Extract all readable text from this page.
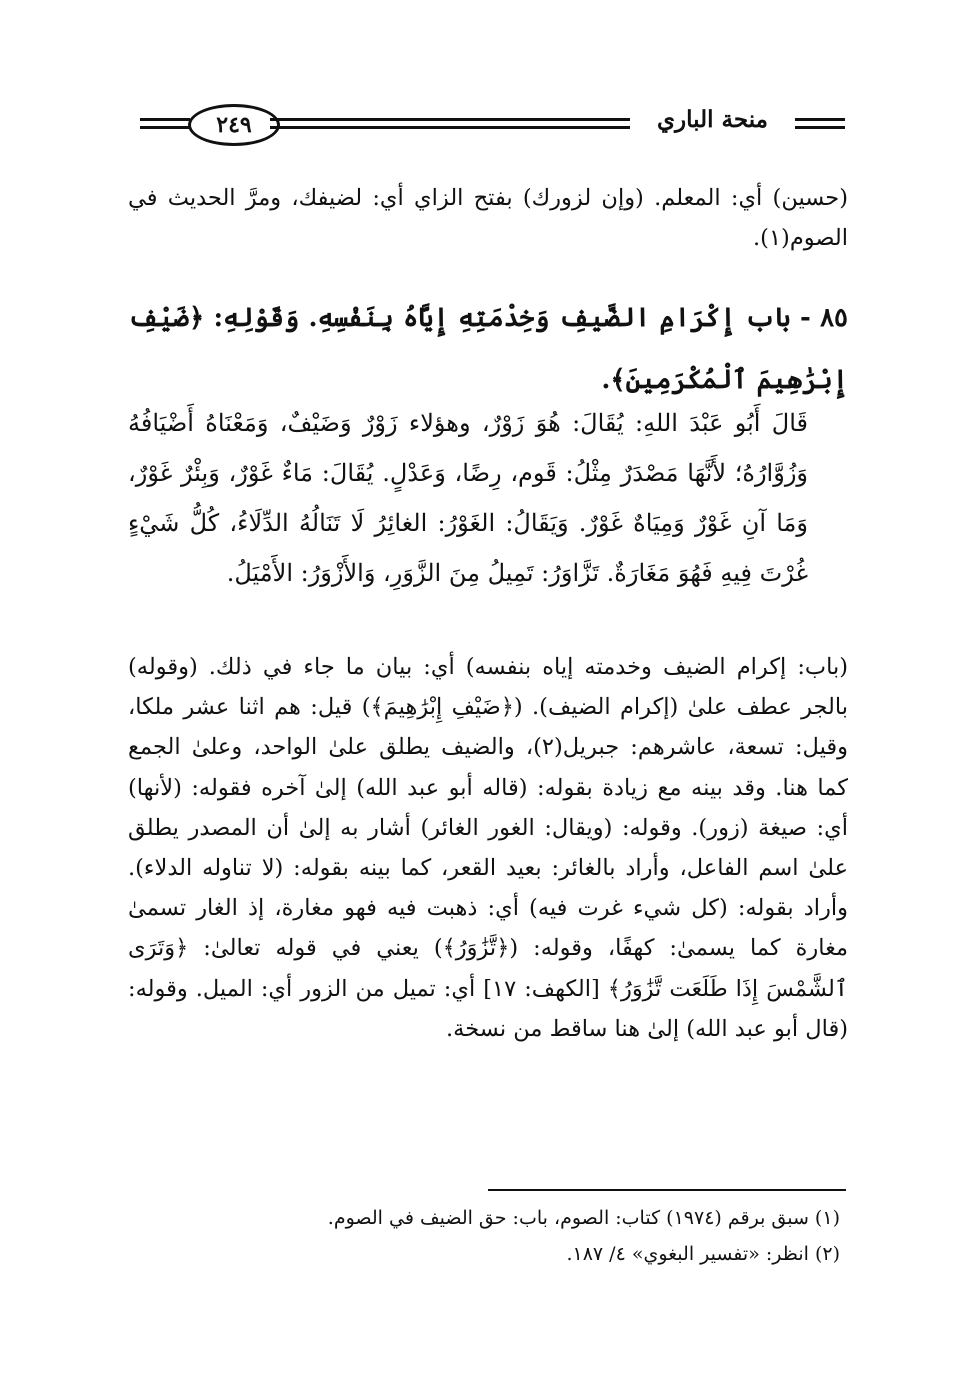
٢٤٩	منحة الباري

(حسين) أي: المعلم. (وإن لزورك) بفتح الزاي أي: لضيفك، ومرَّ الحديث في الصوم(١).

٨٥ - باب إِكْرَامِ الضَّيفِ وَخِدْمَتِهِ إِيَّاهُ بِنَفْسِهِ. وَقَوْلِهِ: ﴿ضَيْفِ إِبْرَٰهِيمَ ٱلْمُكْرَمِينَ﴾.
قَالَ أَبُو عَبْدَ اللهِ: يُقَالَ: هُوَ زَوْرٌ، وهؤلاء زَوْرٌ وَضَيْفٌ، وَمَعْنَاهُ أَضْيَافُهُ وَزُوَّارُهُ؛ لأَنَّهَا مَصْدَرٌ مِثْلُ: قَوم، رِضًا، وَعَدْلٍ. يُقَالَ: مَاءٌ غَوْرٌ، وَبِئْرٌ غَوْرٌ، وَمَا آنِ غَوْرٌ وَمِيَاهٌ غَوْرٌ. وَيَقَالُ: الغَوْرُ: الغائِرُ لَا تَنَالُهُ الدِّلَاءُ، كُلُّ شَيْءٍ غُرْتَ فِيهِ فَهُوَ مَغَارَةٌ. تَزَّاوَرُ: تَمِيلُ مِنَ الزَّوَرِ، وَالأَزْوَرُ: الأَمْيَلُ.

(باب: إكرام الضيف وخدمته إياه بنفسه) أي: بيان ما جاء في ذلك. (وقوله) بالجر عطف علىٰ (إكرام الضيف). (﴿ضَيْفِ إِبْرَٰهِيمَ﴾) قيل: هم اثنا عشر ملكا، وقيل: تسعة، عاشرهم: جبريل(٢)، والضيف يطلق علىٰ الواحد، وعلىٰ الجمع كما هنا. وقد بينه مع زيادة بقوله: (قاله أبو عبد الله) إلىٰ آخره فقوله: (لأنها) أي: صيغة (زور). وقوله: (ويقال: الغور الغائر) أشار به إلىٰ أن المصدر يطلق علىٰ اسم الفاعل، وأراد بالغائر: بعيد القعر، كما بينه بقوله: (لا تناوله الدلاء). وأراد بقوله: (كل شيء غرت فيه) أي: ذهبت فيه فهو مغارة، إذ الغار تسمىٰ مغارة كما يسمىٰ: كهفًا، وقوله: (﴿تَّزَٰوَرُ﴾) يعني في قوله تعالىٰ: ﴿وَتَرَى ٱلشَّمْسَ إِذَا طَلَعَت تَّزَٰوَرُ﴾ [الكهف: ١٧] أي: تميل من الزور أي: الميل. وقوله: (قال أبو عبد الله) إلىٰ هنا ساقط من نسخة.

(١) سبق برقم (١٩٧٤) كتاب: الصوم، باب: حق الضيف في الصوم.

(٢) انظر: «تفسير البغوي» ٤/ ١٨٧.
